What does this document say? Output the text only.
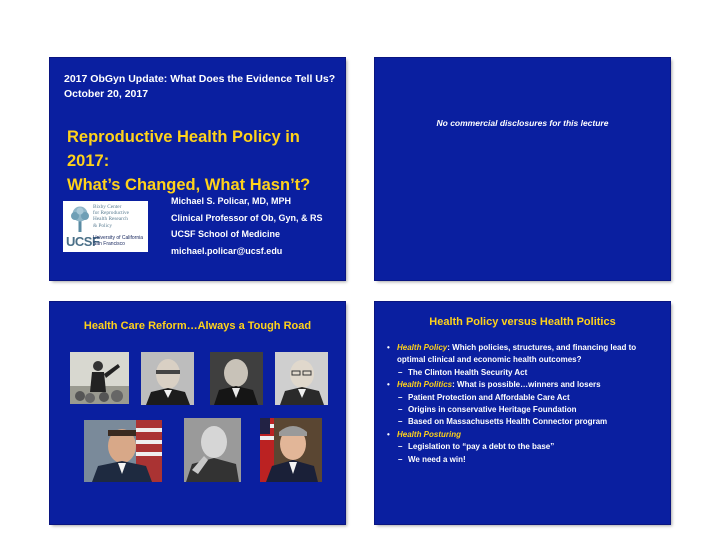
2017 ObGyn Update: What Does the Evidence Tell Us?
October 20, 2017
Reproductive Health Policy in 2017:
What’s Changed, What Hasn’t?
Bixby Center
for Reproductive
Health Research
& Policy
UCSF
University of California
San Francisco
Michael S. Policar, MD, MPH
Clinical Professor of Ob, Gyn, & RS
UCSF School of Medicine
michael.policar@ucsf.edu
No commercial disclosures for this lecture
Health Care Reform…Always a Tough Road	Health Policy versus Health Politics
• Health Policy: Which policies, structures, and financing lead to optimal clinical and economic health outcomes?
– The Clinton Health Security Act
• Health Politics: What is possible…winners and losers
– Patient Protection and Affordable Care Act
– Origins in conservative Heritage Foundation
– Based on Massachusetts Health Connector program
• Health Posturing
– Legislation to “pay a debt to the base”
– We need a win!
